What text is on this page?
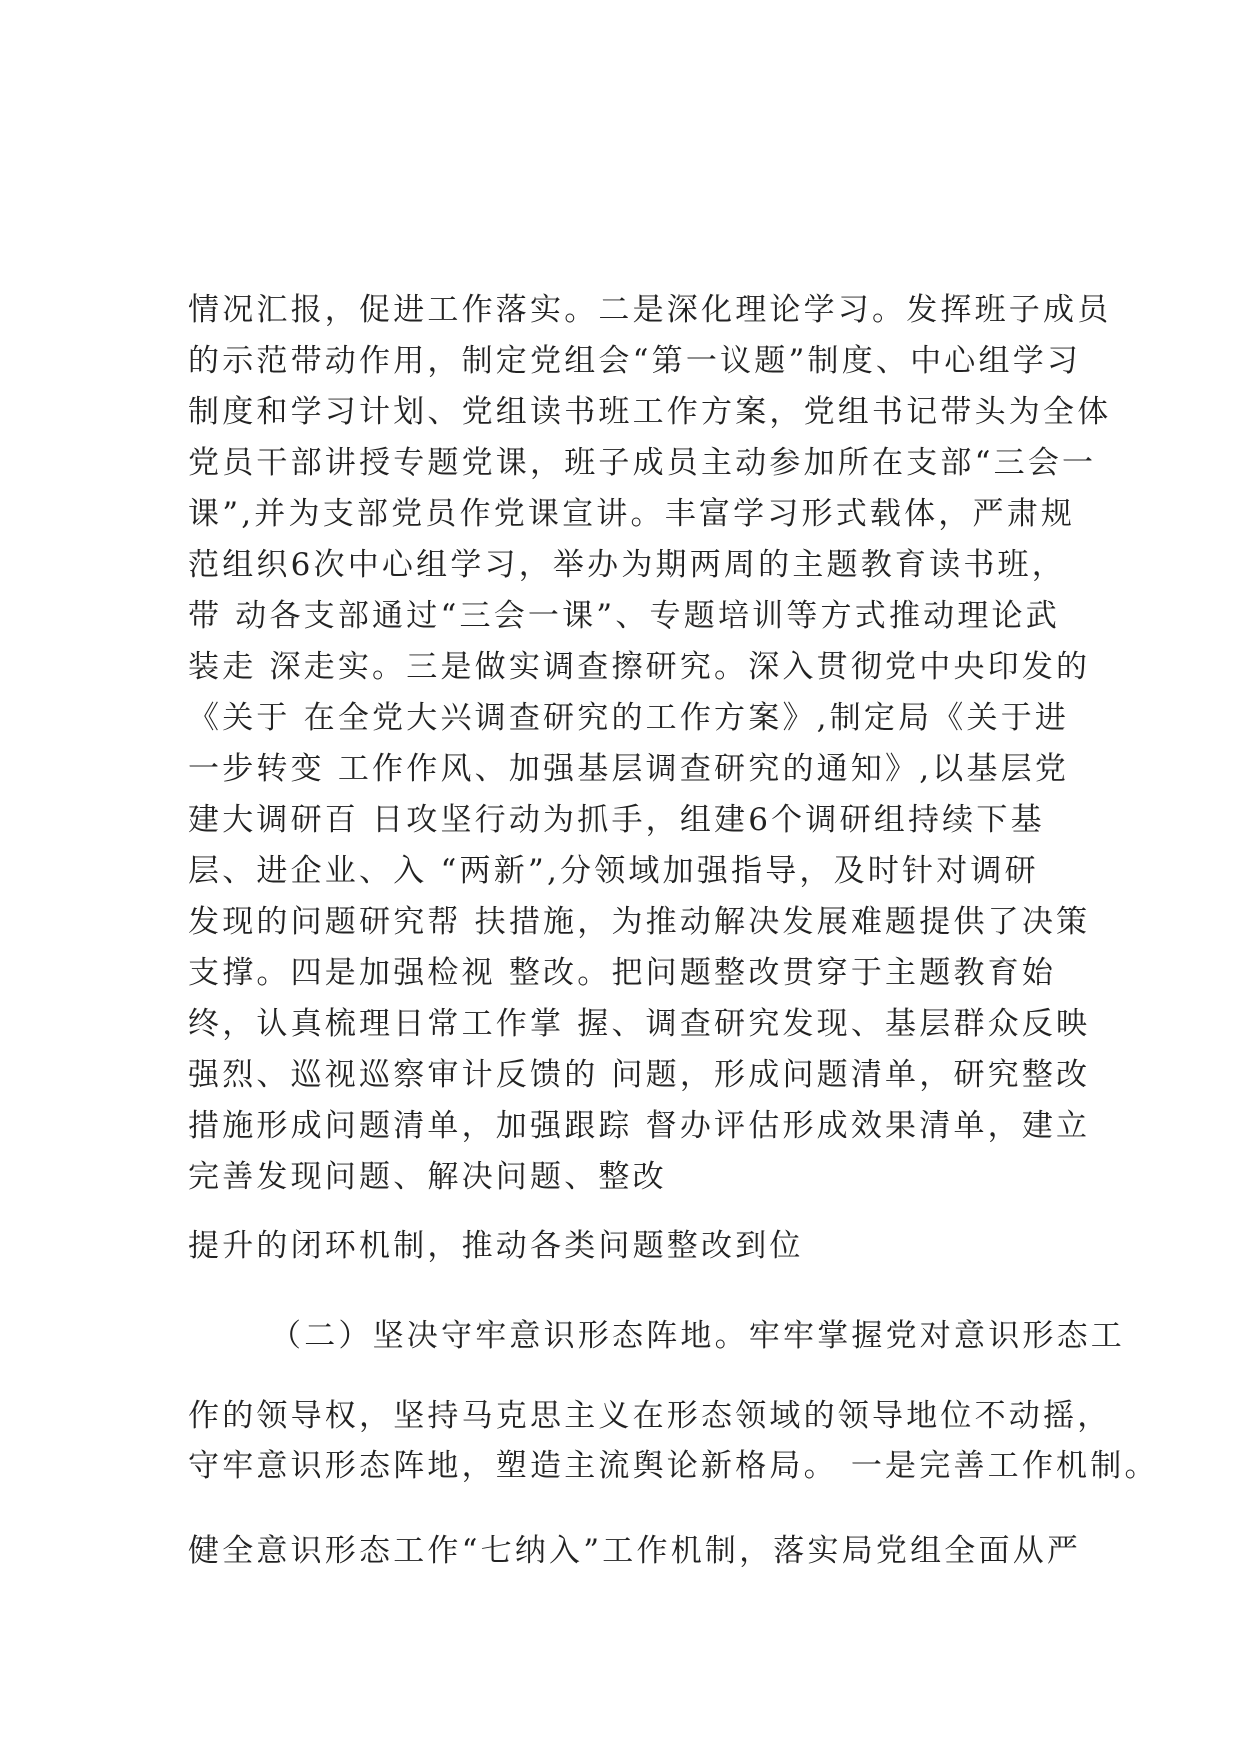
情况汇报，促进工作落实。二是深化理论学习。发挥班子成员
的示范带动作用，制定党组会“第一议题”制度、中心组学习
制度和学习计划、党组读书班工作方案，党组书记带头为全体
党员干部讲授专题党课，班子成员主动参加所在支部“三会一
课”,并为支部党员作党课宣讲。丰富学习形式载体，严肃规
范组织6次中心组学习，举办为期两周的主题教育读书班，
带 动各支部通过“三会一课”、专题培训等方式推动理论武
装走 深走实。三是做实调查擦研究。深入贯彻党中央印发的
《关于 在全党大兴调查研究的工作方案》,制定局《关于进
一步转变 工作作风、加强基层调查研究的通知》,以基层党
建大调研百 日攻坚行动为抓手，组建6个调研组持续下基
层、进企业、入 “两新”,分领域加强指导，及时针对调研
发现的问题研究帮 扶措施，为推动解决发展难题提供了决策
支撑。四是加强检视 整改。把问题整改贯穿于主题教育始
终，认真梳理日常工作掌 握、调查研究发现、基层群众反映
强烈、巡视巡察审计反馈的 问题，形成问题清单，研究整改
措施形成问题清单，加强跟踪 督办评估形成效果清单，建立
完善发现问题、解决问题、整改
提升的闭环机制，推动各类问题整改到位
（二）坚决守牢意识形态阵地。牢牢掌握党对意识形态工
作的领导权，坚持马克思主义在形态领域的领导地位不动摇，
守牢意识形态阵地，塑造主流舆论新格局。 一是完善工作机制。
健全意识形态工作“七纳入”工作机制，落实局党组全面从严
